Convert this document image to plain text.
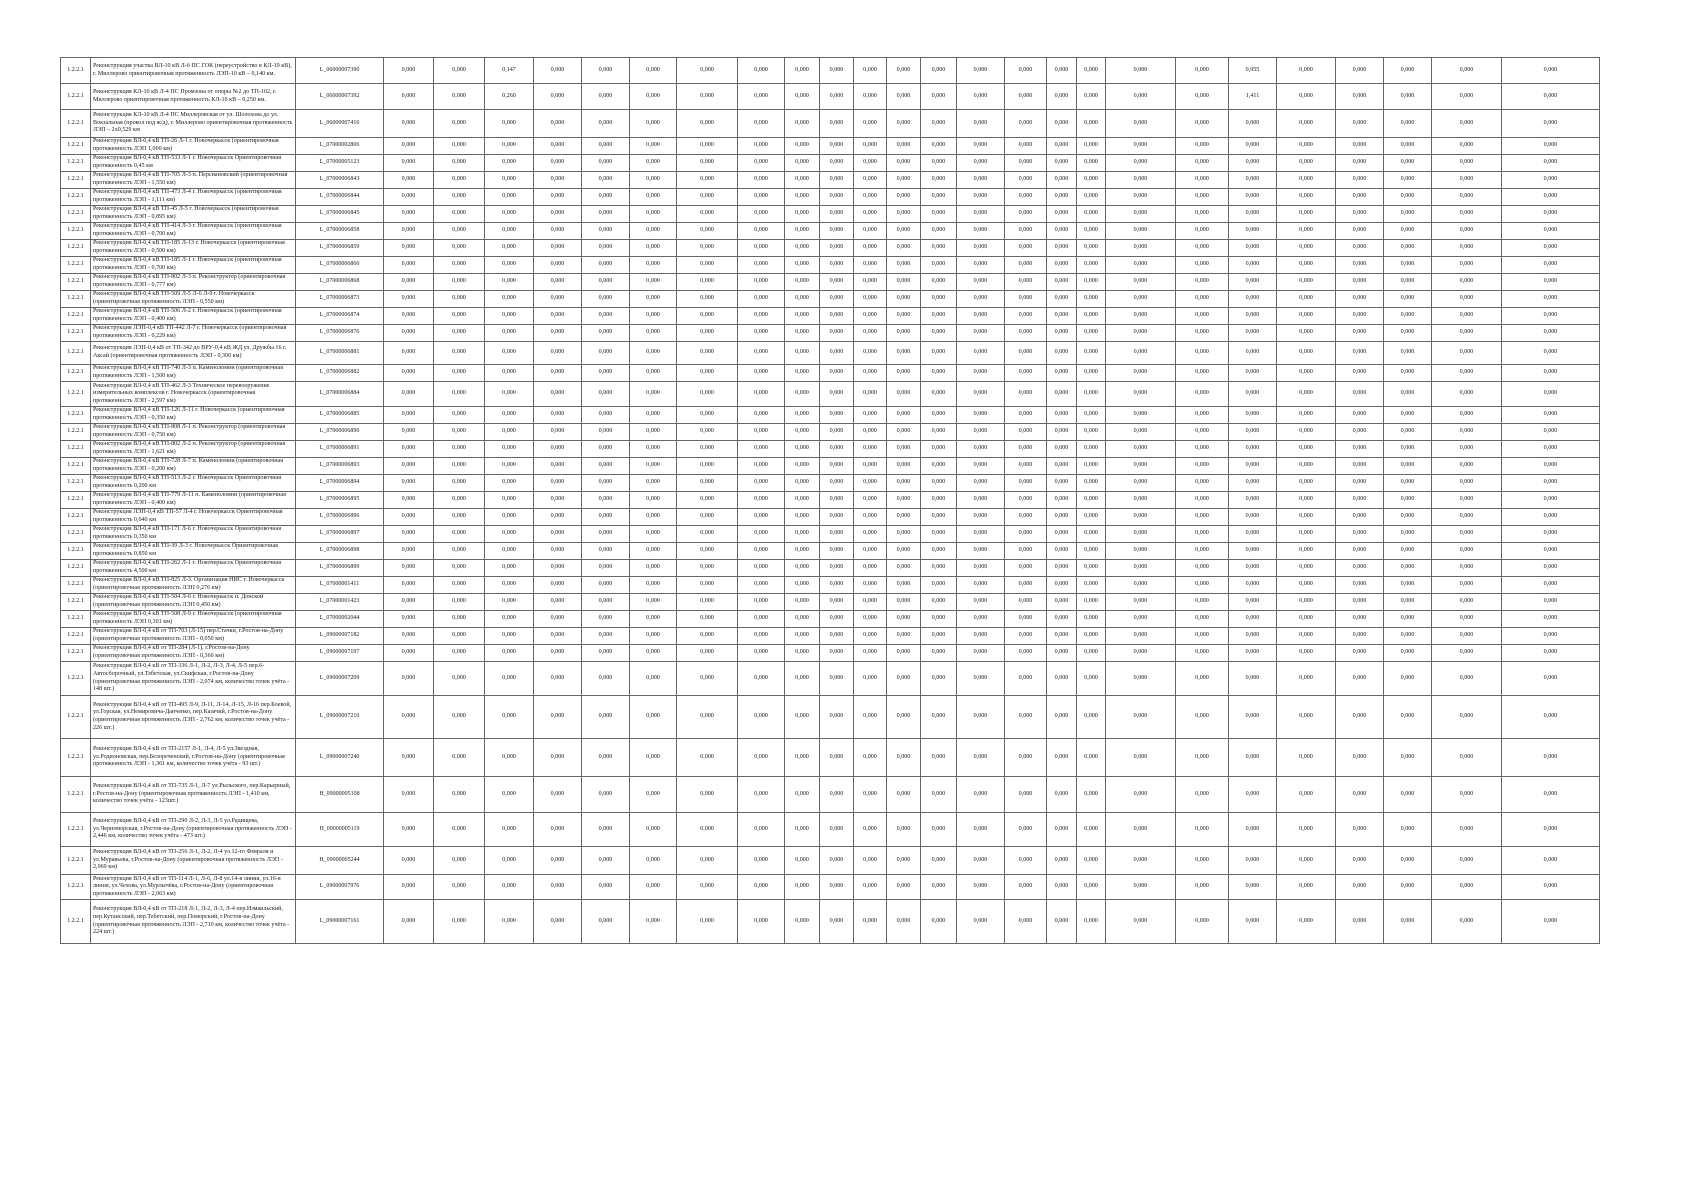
1.2.2.1	Реконструкция участка ВЛ-10 кВ Л-6 ПС ГОК (переустройство в КЛ-10 кВ), г. Миллерово ориентировочная протяженность ЛЭП-10 кВ – 0,140 км.	L_06000007390	0,000	0,000	0,147	0,000	0,000	0,000	0,000	0,000	0,000	0,000	0,000	0,000	0,000	0,000	0,000	0,000	0,000	0,000	0,000	0,955	0,000	0,000	0,000	0,000	0,000
1.2.2.1	Реконструкция КЛ-10 кВ Л-4 ПС Промзона от опоры №2 до ТП-102, г. Миллерово ориентировочная протяженность КЛ-10 кВ – 0,250 км.	L_06000007392	0,000	0,000	0,260	0,000	0,000	0,000	0,000	0,000	0,000	0,000	0,000	0,000	0,000	0,000	0,000	0,000	0,000	0,000	0,000	1,411	0,000	0,000	0,000	0,000	0,000
1.2.2.1	Реконструкция КЛ-10 кВ Л-4 ПС Миллеровская от ул. Шолохова до ул. Вокзальная (прокол под ж/д), г. Миллерово ориентировочная протяженность ЛЭП – 2х0,529 км	L_06000007416	0,000	0,000	0,000	0,000	0,000	0,000	0,000	0,000	0,000	0,000	0,000	0,000	0,000	0,000	0,000	0,000	0,000	0,000	0,000	0,000	0,000	0,000	0,000	0,000	0,000
1.2.2.1	Реконструкция ВЛ-0,4 кВ ТП-26 Л-1 г. Новочеркасск (ориентировочная протяженность ЛЭП 1,000 км)	L_07000002806	0,000	0,000	0,000	0,000	0,000	0,000	0,000	0,000	0,000	0,000	0,000	0,000	0,000	0,000	0,000	0,000	0,000	0,000	0,000	0,000	0,000	0,000	0,000	0,000	0,000
1.2.2.1	Реконструкция ВЛ-0,4 кВ ТП-533 Л-1 г. Новочеркасск Ориентировочная протяженность 0,45 км	L_07000005123	0,000	0,000	0,000	0,000	0,000	0,000	0,000	0,000	0,000	0,000	0,000	0,000	0,000	0,000	0,000	0,000	0,000	0,000	0,000	0,000	0,000	0,000	0,000	0,000	0,000
1.2.2.1	Реконструкция ВЛ-0,4 кВ ТП-705 Л-3 п. Персиановский (ориентировочная протяженность ЛЭП - 1,550 км)	L_07000006843	0,000	0,000	0,000	0,000	0,000	0,000	0,000	0,000	0,000	0,000	0,000	0,000	0,000	0,000	0,000	0,000	0,000	0,000	0,000	0,000	0,000	0,000	0,000	0,000	0,000
1.2.2.1	Реконструкция ВЛ-0,4 кВ ТП-473 Л-4 г. Новочеркасск (ориентировочная протяженность ЛЭП - 1,111 км)	L_07000006844	0,000	0,000	0,000	0,000	0,000	0,000	0,000	0,000	0,000	0,000	0,000	0,000	0,000	0,000	0,000	0,000	0,000	0,000	0,000	0,000	0,000	0,000	0,000	0,000	0,000
1.2.2.1	Реконструкция ВЛ-0,4 кВ ТП-45 Л-5 г. Новочеркасск (ориентировочная протяженность ЛЭП - 0,895 км)	L_07000006845	0,000	0,000	0,000	0,000	0,000	0,000	0,000	0,000	0,000	0,000	0,000	0,000	0,000	0,000	0,000	0,000	0,000	0,000	0,000	0,000	0,000	0,000	0,000	0,000	0,000
1.2.2.1	Реконструкция ВЛ-0,4 кВ ТП-414 Л-3 г. Новочеркасск (ориентировочная протяженность ЛЭП - 0,700 км)	L_07000006858	0,000	0,000	0,000	0,000	0,000	0,000	0,000	0,000	0,000	0,000	0,000	0,000	0,000	0,000	0,000	0,000	0,000	0,000	0,000	0,000	0,000	0,000	0,000	0,000	0,000
1.2.2.1	Реконструкция ВЛ-0,4 кВ ТП-185 Л-13 г. Новочеркасск (ориентировочная протяженность ЛЭП - 0,500 км)	L_07000006859	0,000	0,000	0,000	0,000	0,000	0,000	0,000	0,000	0,000	0,000	0,000	0,000	0,000	0,000	0,000	0,000	0,000	0,000	0,000	0,000	0,000	0,000	0,000	0,000	0,000
1.2.2.1	Реконструкция ВЛ-0,4 кВ ТП-185 Л-1 г. Новочеркасск (ориентировочная протяженность ЛЭП - 0,700 км)	L_07000006860	0,000	0,000	0,000	0,000	0,000	0,000	0,000	0,000	0,000	0,000	0,000	0,000	0,000	0,000	0,000	0,000	0,000	0,000	0,000	0,000	0,000	0,000	0,000	0,000	0,000
1.2.2.1	Реконструкция ВЛ-0,4 кВ ТП-802 Л-3 п. Реконструктор (ориентировочная протяженность ЛЭП - 0,777 км)	L_07000006868	0,000	0,000	0,000	0,000	0,000	0,000	0,000	0,000	0,000	0,000	0,000	0,000	0,000	0,000	0,000	0,000	0,000	0,000	0,000	0,000	0,000	0,000	0,000	0,000	0,000
1.2.2.1	Реконструкция ВЛ-0,4 кВ ТП-509 Л-5 Л-6 Л-9 г. Новочеркасск (ориентировочная протяженность ЛЭП - 0,550 км)	L_07000006873	0,000	0,000	0,000	0,000	0,000	0,000	0,000	0,000	0,000	0,000	0,000	0,000	0,000	0,000	0,000	0,000	0,000	0,000	0,000	0,000	0,000	0,000	0,000	0,000	0,000
1.2.2.1	Реконструкция ВЛ-0,4 кВ ТП-506 Л-2 г. Новочеркасск (ориентировочная протяженность ЛЭП - 0,400 км)	L_07000006874	0,000	0,000	0,000	0,000	0,000	0,000	0,000	0,000	0,000	0,000	0,000	0,000	0,000	0,000	0,000	0,000	0,000	0,000	0,000	0,000	0,000	0,000	0,000	0,000	0,000
1.2.2.1	Реконструкция ЛЭП-0,4 кВ ТП-442 Л-7 г. Новочеркасск (ориентировочная протяженность ЛЭП - 0,229 км)	L_07000006876	0,000	0,000	0,000	0,000	0,000	0,000	0,000	0,000	0,000	0,000	0,000	0,000	0,000	0,000	0,000	0,000	0,000	0,000	0,000	0,000	0,000	0,000	0,000	0,000	0,000
1.2.2.1	Реконструкция ЛЭП-0,4 кВ от ТП-342 до ВРУ-0,4 кВ ЖД ул. Дружбы 16 г. Аксай (ориентировочная протяженность ЛЭП - 0,300 км)	L_07000006881	0,000	0,000	0,000	0,000	0,000	0,000	0,000	0,000	0,000	0,000	0,000	0,000	0,000	0,000	0,000	0,000	0,000	0,000	0,000	0,000	0,000	0,000	0,000	0,000	0,000
1.2.2.1	Реконструкция ВЛ-0,4 кВ ТП-740 Л-3 п. Каменоломни (ориентировочная протяженность ЛЭП - 1,500 км)	L_07000006882	0,000	0,000	0,000	0,000	0,000	0,000	0,000	0,000	0,000	0,000	0,000	0,000	0,000	0,000	0,000	0,000	0,000	0,000	0,000	0,000	0,000	0,000	0,000	0,000	0,000
1.2.2.1	Реконструкция ВЛ-0,4 кВ ТП-462 Л-3 Техническое перевооружение измерительных комплексов г. Новочеркасск (ориентировочная протяженность ЛЭП - 2,597 км)	L_07000006884	0,000	0,000	0,000	0,000	0,000	0,000	0,000	0,000	0,000	0,000	0,000	0,000	0,000	0,000	0,000	0,000	0,000	0,000	0,000	0,000	0,000	0,000	0,000	0,000	0,000
1.2.2.1	Реконструкция ВЛ-0,4 кВ ТП-126 Л-11 г. Новочеркасск (ориентировочная протяженность ЛЭП - 0,350 км)	L_07000006885	0,000	0,000	0,000	0,000	0,000	0,000	0,000	0,000	0,000	0,000	0,000	0,000	0,000	0,000	0,000	0,000	0,000	0,000	0,000	0,000	0,000	0,000	0,000	0,000	0,000
1.2.2.1	Реконструкция ВЛ-0,4 кВ ТП-808 Л-1 п. Реконструктор (ориентировочная протяженность ЛЭП - 0,750 км)	L_07000006890	0,000	0,000	0,000	0,000	0,000	0,000	0,000	0,000	0,000	0,000	0,000	0,000	0,000	0,000	0,000	0,000	0,000	0,000	0,000	0,000	0,000	0,000	0,000	0,000	0,000
1.2.2.1	Реконструкция ВЛ-0,4 кВ ТП-802 Л-2 п. Реконструктор (ориентировочная протяженность ЛЭП - 1,621 км)	L_07000006891	0,000	0,000	0,000	0,000	0,000	0,000	0,000	0,000	0,000	0,000	0,000	0,000	0,000	0,000	0,000	0,000	0,000	0,000	0,000	0,000	0,000	0,000	0,000	0,000	0,000
1.2.2.1	Реконструкция ВЛ-0,4 кВ ТП-728 Л-7 п. Каменоломни (ориентировочная протяженность ЛЭП - 0,200 км)	L_07000006893	0,000	0,000	0,000	0,000	0,000	0,000	0,000	0,000	0,000	0,000	0,000	0,000	0,000	0,000	0,000	0,000	0,000	0,000	0,000	0,000	0,000	0,000	0,000	0,000	0,000
1.2.2.1	Реконструкция ВЛ-0,4 кВ ТП-513 Л-2 г. Новочеркасск Ориентировочная протяженность 0,200 км	L_07000006894	0,000	0,000	0,000	0,000	0,000	0,000	0,000	0,000	0,000	0,000	0,000	0,000	0,000	0,000	0,000	0,000	0,000	0,000	0,000	0,000	0,000	0,000	0,000	0,000	0,000
1.2.2.1	Реконструкция ВЛ-0,4 кВ ТП-779 Л-11 п. Каменоломни (ориентировочная протяженность ЛЭП - 0,400 км)	L_07000006895	0,000	0,000	0,000	0,000	0,000	0,000	0,000	0,000	0,000	0,000	0,000	0,000	0,000	0,000	0,000	0,000	0,000	0,000	0,000	0,000	0,000	0,000	0,000	0,000	0,000
1.2.2.1	Реконструкция ЛЭП-0,4 кВ ТП-57 Л-4 г. Новочеркасск Ориентировочная протяженность 0,040 км	L_07000006896	0,000	0,000	0,000	0,000	0,000	0,000	0,000	0,000	0,000	0,000	0,000	0,000	0,000	0,000	0,000	0,000	0,000	0,000	0,000	0,000	0,000	0,000	0,000	0,000	0,000
1.2.2.1	Реконструкция ВЛ-0,4 кВ ТП-171 Л-6 г. Новочеркасск Ориентировочная протяженность 0,350 км	L_07000006897	0,000	0,000	0,000	0,000	0,000	0,000	0,000	0,000	0,000	0,000	0,000	0,000	0,000	0,000	0,000	0,000	0,000	0,000	0,000	0,000	0,000	0,000	0,000	0,000	0,000
1.2.2.1	Реконструкция ВЛ-0,4 кВ ТП-39 Л-3 г. Новочеркасск Ориентировочная протяженность 0,850 км	L_07000006898	0,000	0,000	0,000	0,000	0,000	0,000	0,000	0,000	0,000	0,000	0,000	0,000	0,000	0,000	0,000	0,000	0,000	0,000	0,000	0,000	0,000	0,000	0,000	0,000	0,000
1.2.2.1	Реконструкция ВЛ-0,4 кВ ТП-262 Л-1 г. Новочеркасск Ориентировочная протяженность 4,500 км	L_07000006899	0,000	0,000	0,000	0,000	0,000	0,000	0,000	0,000	0,000	0,000	0,000	0,000	0,000	0,000	0,000	0,000	0,000	0,000	0,000	0,000	0,000	0,000	0,000	0,000	0,000
1.2.2.1	Реконструкция ВЛ-0,4 кВ ТП-825 Л-3. Организация НИС г. Новочеркасск (ориентировочная протяженность ЛЭП 0,276 км)	L_07000001411	0,000	0,000	0,000	0,000	0,000	0,000	0,000	0,000	0,000	0,000	0,000	0,000	0,000	0,000	0,000	0,000	0,000	0,000	0,000	0,000	0,000	0,000	0,000	0,000	0,000
1.2.2.1	Реконструкция ВЛ-0,4 кВ ТП-504 Л-6 г. Новочеркасск п. Донской (ориентировочная протяженность ЛЭП 0,450 км)	L_07000001423	0,000	0,000	0,000	0,000	0,000	0,000	0,000	0,000	0,000	0,000	0,000	0,000	0,000	0,000	0,000	0,000	0,000	0,000	0,000	0,000	0,000	0,000	0,000	0,000	0,000
1.2.2.1	Реконструкция ВЛ-0,4 кВ ТП-508 Л-9 г. Новочеркасск (ориентировочная протяженность ЛЭП 0,301 км)	L_07000002044	0,000	0,000	0,000	0,000	0,000	0,000	0,000	0,000	0,000	0,000	0,000	0,000	0,000	0,000	0,000	0,000	0,000	0,000	0,000	0,000	0,000	0,000	0,000	0,000	0,000
1.2.2.1	Реконструкция ВЛ-0,4 кВ от ТП-703 (Л-15) пер.Стачки, г.Ростов-на-Дону (ориентировочная протяженность ЛЭП - 0,050 км)	L_09000007182	0,000	0,000	0,000	0,000	0,000	0,000	0,000	0,000	0,000	0,000	0,000	0,000	0,000	0,000	0,000	0,000	0,000	0,000	0,000	0,000	0,000	0,000	0,000	0,000	0,000
1.2.2.1	Реконструкция ВЛ-0,4 кВ от ТП-284 (Л-1), г.Ростов-на-Дону (ориентировочная протяженность ЛЭП - 0,360 км)	L_09000007197	0,000	0,000	0,000	0,000	0,000	0,000	0,000	0,000	0,000	0,000	0,000	0,000	0,000	0,000	0,000	0,000	0,000	0,000	0,000	0,000	0,000	0,000	0,000	0,000	0,000
1.2.2.1	Реконструкция ВЛ-0,4 кВ от ТП-336 Л-1, Л-2, Л-3, Л-4, Л-5 пер.6-Автосборочный, ул.Тебетская, ул.Скифская, г.Ростов-на-Дону (ориентировочная протяженность ЛЭП - 2,074 км, количество точек учёта - 148 шт.)	L_09000007209	0,000	0,000	0,000	0,000	0,000	0,000	0,000	0,000	0,000	0,000	0,000	0,000	0,000	0,000	0,000	0,000	0,000	0,000	0,000	0,000	0,000	0,000	0,000	0,000	0,000
1.2.2.1	Реконструкция ВЛ-0,4 кВ от ТП-495 Л-9, Л-11, Л-14, Л-15, Л-16 пер.Боевой, ул.Горская, ул.Немировича-Данченко, пер.Казачий, г.Ростов-на-Дону (ориентировочная протяженность ЛЭП - 2,762 км, количество точек учёта - 226 шт.)	L_09000007210	0,000	0,000	0,000	0,000	0,000	0,000	0,000	0,000	0,000	0,000	0,000	0,000	0,000	0,000	0,000	0,000	0,000	0,000	0,000	0,000	0,000	0,000	0,000	0,000	0,000
1.2.2.1	Реконструкция ВЛ-0,4 кВ от ТП-2157 Л-1, Л-4, Л-5 ул.Звездная, ул.Родионовская, пер.Белореченский, г.Ростов-на-Дону (ориентировочная протяженность ЛЭП - 1,361 км, количество точек учёта - 93 шт.)	L_09000007240	0,000	0,000	0,000	0,000	0,000	0,000	0,000	0,000	0,000	0,000	0,000	0,000	0,000	0,000	0,000	0,000	0,000	0,000	0,000	0,000	0,000	0,000	0,000	0,000	0,000
1.2.2.1	Реконструкция ВЛ-0,4 кВ от ТП-735 Л-1, Л-7 ул.Рыльского, пер.Карьерный, г.Ростов-на-Дону (ориентировочная протяженность ЛЭП - 1,410 км, количество точек учёта - 123шт.)	H_09000005108	0,000	0,000	0,000	0,000	0,000	0,000	0,000	0,000	0,000	0,000	0,000	0,000	0,000	0,000	0,000	0,000	0,000	0,000	0,000	0,000	0,000	0,000	0,000	0,000	0,000
1.2.2.1	Реконструкция ВЛ-0,4 кВ от ТП-290 Л-2, Л-3, Л-5 ул.Радищева, ул.Черноморская, г.Ростов-на-Дону (ориентировочная протяженность ЛЭП - 2,446 км, количество точек учёта - 473 шт.)	H_09000005119	0,000	0,000	0,000	0,000	0,000	0,000	0,000	0,000	0,000	0,000	0,000	0,000	0,000	0,000	0,000	0,000	0,000	0,000	0,000	0,000	0,000	0,000	0,000	0,000	0,000
1.2.2.1	Реконструкция ВЛ-0,4 кВ от ТП-256 Л-1, Л-2, Л-4 ул.12-го Февраля и ул.Муравьева, г.Ростов-на-Дону (ориентировочная протяженность ЛЭП - 2,069 км)	H_09000005244	0,000	0,000	0,000	0,000	0,000	0,000	0,000	0,000	0,000	0,000	0,000	0,000	0,000	0,000	0,000	0,000	0,000	0,000	0,000	0,000	0,000	0,000	0,000	0,000	0,000
1.2.2.1	Реконструкция ВЛ-0,4 кВ от ТП-114 Л-1, Л-6, Л-8 ул.14-я линия, ул.16-я линия, ул.Чехова, ул.Мурлычёва, г.Ростов-на-Дону (ориентировочная протяженность ЛЭП - 2,063 км)	L_09000007976	0,000	0,000	0,000	0,000	0,000	0,000	0,000	0,000	0,000	0,000	0,000	0,000	0,000	0,000	0,000	0,000	0,000	0,000	0,000	0,000	0,000	0,000	0,000	0,000	0,000
1.2.2.1	Реконструкция ВЛ-0,4 кВ от ТП-218 Л-1, Л-2, Л-3, Л-4 пер.Измаильский, пер.Кутаисский, пер.Тебетский, пер.Поморский, г.Ростов-на-Дону (ориентировочная протяженность ЛЭП - 2,710 км, количество точек учёта - 224 шт.)	L_09000007161	0,000	0,000	0,000	0,000	0,000	0,000	0,000	0,000	0,000	0,000	0,000	0,000	0,000	0,000	0,000	0,000	0,000	0,000	0,000	0,000	0,000	0,000	0,000	0,000	0,000
